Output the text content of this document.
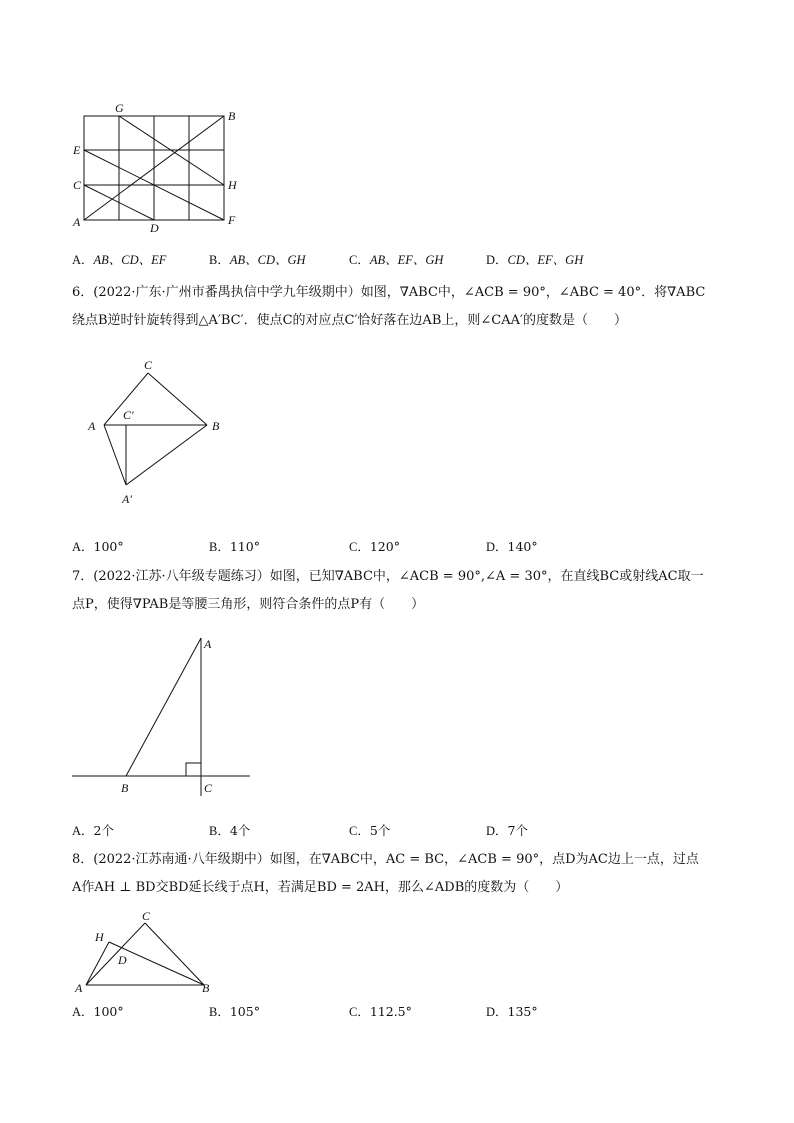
G
B
E
C	H
A	D
F
A．AB、CD、EF	B．AB、CD、GH	C．AB、EF、GH	D．CD、EF、GH
6．(2022·广东·广州市番禺执信中学九年级期中）如图，∇ABC中，∠ACB = 90°，∠ABC = 40°．将∇ABC
绕点B逆时针旋转得到△A′BC′．使点C的对应点C′恰好落在边AB上，则∠CAA′的度数是（　　）
C
A
C′
B
A′
A．100°	B．110°	C．120°	D．140°
7．(2022·江苏·八年级专题练习）如图，已知∇ABC中，∠ACB = 90°,∠A = 30°，在直线BC或射线AC取一
点P，使得∇PAB是等腰三角形，则符合条件的点P有（　　）
A
B	C
A．2个	B．4个	C．5个	D．7个
8．(2022·江苏南通·八年级期中）如图，在∇ABC中，AC = BC，∠ACB = 90°，点D为AC边上一点，过点
A作AH ⊥ BD交BD延长线于点H，若满足BD = 2AH，那么∠ADB的度数为（　　）
C
H
D
A	B
A．100°	B．105°	C．112.5°	D．135°
